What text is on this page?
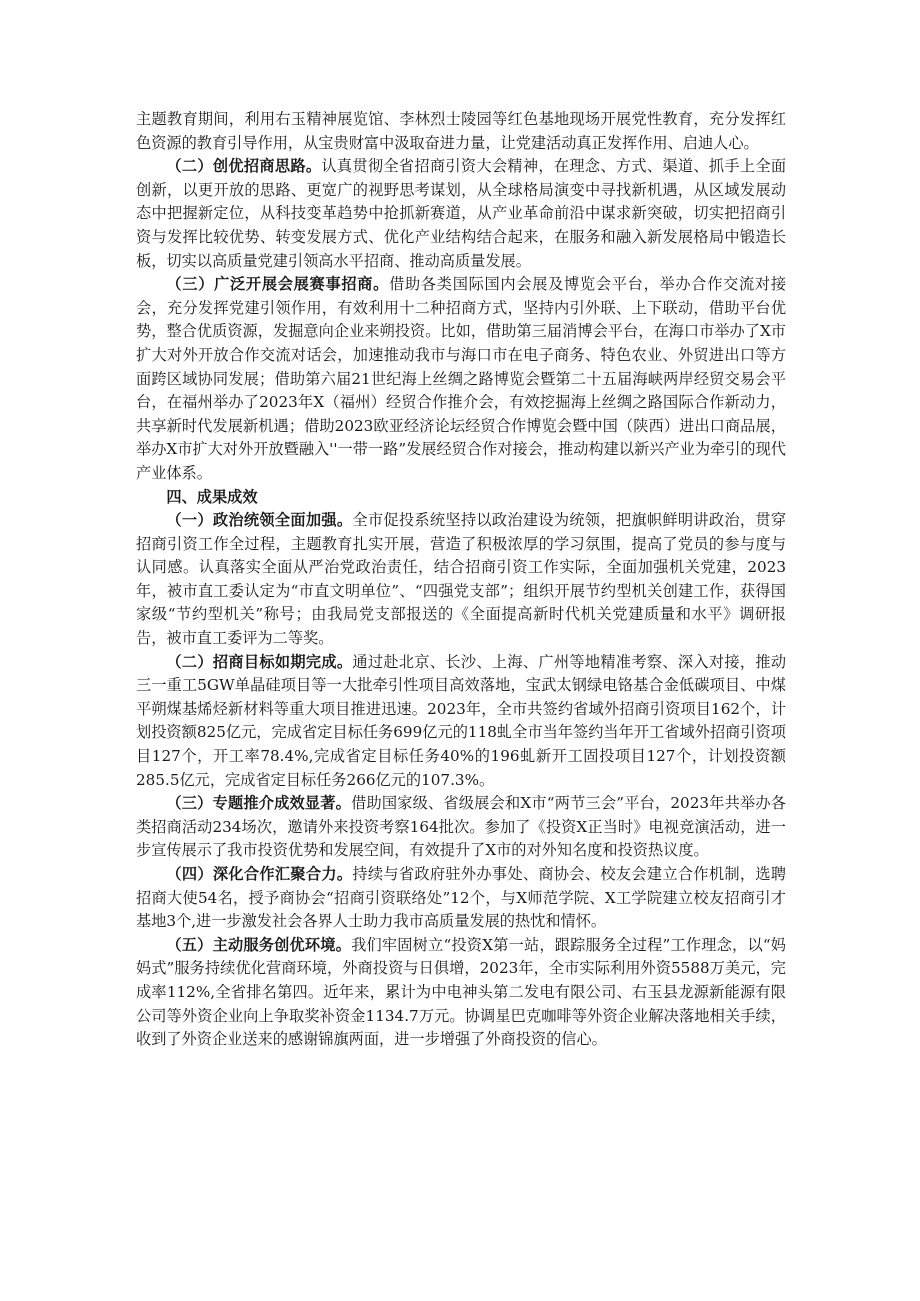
主题教育期间，利用右玉精神展览馆、李林烈士陵园等红色基地现场开展党性教育，充分发挥红色资源的教育引导作用，从宝贵财富中汲取奋进力量，让党建活动真正发挥作用、启迪人心。

（二）创优招商思路。认真贯彻全省招商引资大会精神，在理念、方式、渠道、抓手上全面创新，以更开放的思路、更宽广的视野思考谋划，从全球格局演变中寻找新机遇，从区域发展动态中把握新定位，从科技变革趋势中抢抓新赛道，从产业革命前沿中谋求新突破，切实把招商引资与发挥比较优势、转变发展方式、优化产业结构结合起来，在服务和融入新发展格局中锻造长板，切实以高质量党建引领高水平招商、推动高质量发展。

（三）广泛开展会展赛事招商。借助各类国际国内会展及博览会平台，举办合作交流对接会，充分发挥党建引领作用，有效利用十二种招商方式，坚持内引外联、上下联动，借助平台优势，整合优质资源，发掘意向企业来朔投资。比如，借助第三届消博会平台，在海口市举办了X市扩大对外开放合作交流对话会，加速推动我市与海口市在电子商务、特色农业、外贸进出口等方面跨区域协同发展；借助第六届21世纪海上丝绸之路博览会暨第二十五届海峡两岸经贸交易会平台，在福州举办了2023年X（福州）经贸合作推介会，有效挖掘海上丝绸之路国际合作新动力，共享新时代发展新机遇；借助2023欧亚经济论坛经贸合作博览会暨中国（陕西）进出口商品展，举办X市扩大对外开放暨融入''一带一路”发展经贸合作对接会，推动构建以新兴产业为牵引的现代产业体系。

四、成果成效

（一）政治统领全面加强。全市促投系统坚持以政治建设为统领，把旗帜鲜明讲政治，贯穿招商引资工作全过程，主题教育扎实开展，营造了积极浓厚的学习氛围，提高了党员的参与度与认同感。认真落实全面从严治党政治责任，结合招商引资工作实际，全面加强机关党建，2023年，被市直工委认定为“市直文明单位”、“四强党支部”；组织开展节约型机关创建工作，获得国家级“节约型机关”称号；由我局党支部报送的《全面提高新时代机关党建质量和水平》调研报告，被市直工委评为二等奖。

（二）招商目标如期完成。通过赴北京、长沙、上海、广州等地精准考察、深入对接，推动三一重工5GW单晶硅项目等一大批牵引性项目高效落地，宝武太钢绿电铬基合金低碳项目、中煤平朔煤基烯烃新材料等重大项目推进迅速。2023年，全市共签约省域外招商引资项目162个，计划投资额825亿元，完成省定目标任务699亿元的118虬全市当年签约当年开工省域外招商引资项目127个，开工率78.4%,完成省定目标任务40%的196虬新开工固投项目127个，计划投资额285.5亿元，完成省定目标任务266亿元的107.3%。

（三）专题推介成效显著。借助国家级、省级展会和X市“两节三会”平台，2023年共举办各类招商活动234场次，邀请外来投资考察164批次。参加了《投资X正当时》电视竞演活动，进一步宣传展示了我市投资优势和发展空间，有效提升了X市的对外知名度和投资热议度。

（四）深化合作汇聚合力。持续与省政府驻外办事处、商协会、校友会建立合作机制，选聘招商大使54名，授予商协会“招商引资联络处”12个，与X师范学院、X工学院建立校友招商引才基地3个,进一步激发社会各界人士助力我市高质量发展的热忱和情怀。

（五）主动服务创优环境。我们牢固树立“投资X第一站，跟踪服务全过程”工作理念，以“妈妈式”服务持续优化营商环境，外商投资与日俱增，2023年，全市实际利用外资5588万美元，完成率112%,全省排名第四。近年来，累计为中电神头第二发电有限公司、右玉县龙源新能源有限公司等外资企业向上争取奖补资金1134.7万元。协调星巴克咖啡等外资企业解决落地相关手续，收到了外资企业送来的感谢锦旗两面，进一步增强了外商投资的信心。
